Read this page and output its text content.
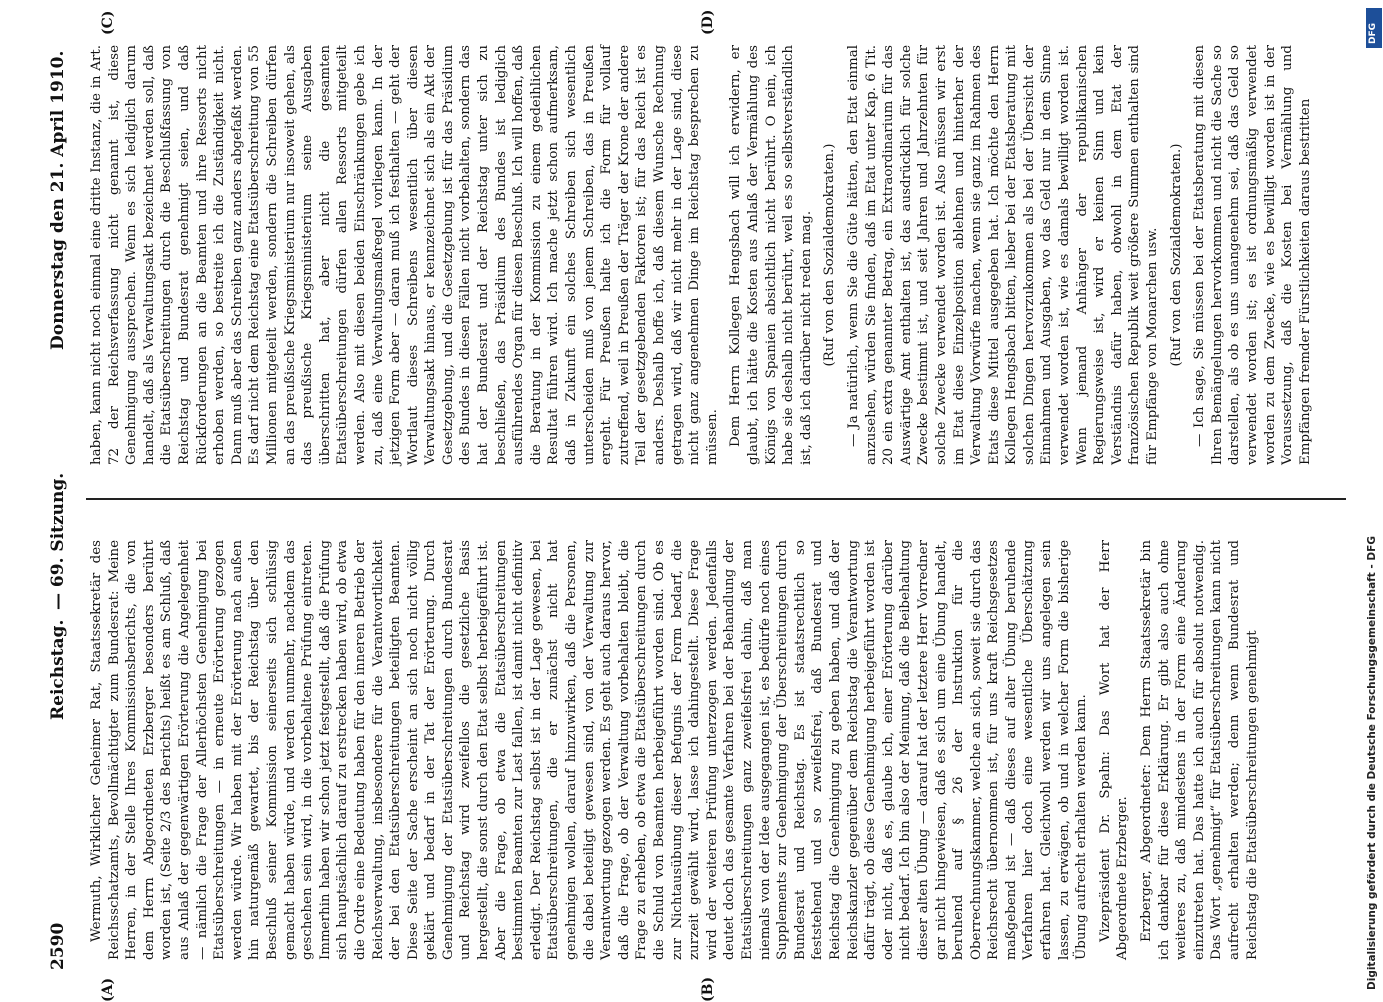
2590
Reichstag.
— 69. Sitzung.
Donnerstag den 21. April 1910.
(A)	(B)
(C)	(D)

Wermuth, Wirklicher Geheimer Rat, Staatssekretär des Reichsschatzamts, Bevollmächtigter zum Bundesrat: Meine Herren, in der Stelle Ihres Kommissionsberichts, die von dem Herrn Abgeordneten Erzberger besonders berührt worden ist, (Seite 2/3 des Berichts) heißt es am Schluß, daß aus Anlaß der gegenwärtigen Erörterung die Angelegenheit — nämlich die Frage der Allerhöchsten Genehmigung bei Etatsüberschreitungen — in erneute Erörterung gezogen werden würde. Wir haben mit der Erörterung nach außen hin naturgemäß gewartet, bis der Reichstag über den Beschluß seiner Kommission seinerseits sich schlüssig gemacht haben würde, und werden nunmehr, nachdem das geschehen sein wird, in die vorbehaltene Prüfung eintreten. Immerhin haben wir schon jetzt festgestellt, daß die Prüfung sich hauptsächlich darauf zu erstrecken haben wird, ob etwa die Ordre eine Bedeutung haben für den inneren Betrieb der Reichsverwaltung, insbesondere für die Verantwortlichkeit der bei den Etatsüberschreitungen beteiligten Beamten. Diese Seite der Sache erscheint an sich noch nicht völlig geklärt und bedarf in der Tat der Erörterung. Durch Genehmigung der Etatsüberschreitungen durch Bundesrat und Reichstag wird zweifellos die gesetzliche Basis hergestellt, die sonst durch den Etat selbst herbeigeführt ist. Aber die Frage, ob etwa die Etatsüberschreitungen bestimmten Beamten zur Last fallen, ist damit nicht definitiv erledigt. Der Reichstag selbst ist in der Lage gewesen, bei Etatsüberschreitungen, die er zunächst nicht hat genehmigen wollen, darauf hinzuwirken, daß die Personen, die dabei beteiligt gewesen sind, von der Verwaltung zur Verantwortung gezogen werden. Es geht auch daraus hervor, daß die Frage, ob der Verwaltung vorbehalten bleibt, die Frage zu erheben, ob etwa die Etatsüberschreitungen durch die Schuld von Beamten herbeigeführt worden sind. Ob es zur Nichtausübung dieser Befugnis der Form bedarf, die zurzeit gewählt wird, lasse ich dahingestellt. Diese Frage wird der weiteren Prüfung unterzogen werden. Jedenfalls deutet doch das gesamte Verfahren bei der Behandlung der Etatsüberschreitungen ganz zweifelsfrei dahin, daß man niemals von der Idee ausgegangen ist, es bedürfe noch eines Supplements zur Genehmigung der Überschreitungen durch Bundesrat und Reichstag. Es ist staatsrechtlich so feststehend und so zweifelsfrei, daß Bundesrat und Reichstag die Genehmigung zu geben haben, und daß der Reichskanzler gegenüber dem Reichstag die Verantwortung dafür trägt, ob diese Genehmigung herbeigeführt worden ist oder nicht, daß es, glaube ich, einer Erörterung darüber nicht bedarf. Ich bin also der Meinung, daß die Beibehaltung dieser alten Übung — darauf hat der letztere Herr Vorredner gar nicht hingewiesen, daß es sich um eine Übung handelt, beruhend auf § 26 der Instruktion für die Oberrechnungskammer, welche an sich, soweit sie durch das Reichsrecht übernommen ist, für uns kraft Reichsgesetzes maßgebend ist — daß dieses auf alter Übung beruhende Verfahren hier doch eine wesentliche Überschätzung erfahren hat. Gleichwohl werden wir uns angelegen sein lassen, zu erwägen, ob und in welcher Form die bisherige Übung aufrecht erhalten werden kann. Vizepräsident Dr. Spahn: Das Wort hat der Herr Abgeordnete Erzberger. Erzberger, Abgeordneter: Dem Herrn Staatssekretär bin ich dankbar für diese Erklärung. Er gibt also auch ohne weiteres zu, daß mindestens in der Form eine Änderung einzutreten hat. Das hatte ich auch für absolut notwendig. Das Wort „genehmigt“ für Etatsüberschreitungen kann nicht aufrecht erhalten werden; denn wenn Bundesrat und Reichstag die Etatsüberschreitungen genehmigt

haben, kann nicht noch einmal eine dritte Instanz, die in Art. 72 der Reichsverfassung nicht genannt ist, diese Genehmigung aussprechen. Wenn es sich lediglich darum handelt, daß als Verwaltungsakt bezeichnet werden soll, daß die Etatsüberschreitungen durch die Beschlußfassung von Reichstag und Bundesrat genehmigt seien, und daß Rückforderungen an die Beamten und ihre Ressorts nicht erhoben werden, so bestreite ich die Zuständigkeit nicht. Dann muß aber das Schreiben ganz anders abgefaßt werden. Es darf nicht dem Reichstag eine Etatsüberschreitung von 55 Millionen mitgeteilt werden, sondern die Schreiben dürfen an das preußische Kriegsministerium nur insoweit gehen, als das preußische Kriegsministerium seine Ausgaben überschritten hat, aber nicht die gesamten Etatsüberschreitungen dürfen allen Ressorts mitgeteilt werden. Also mit diesen beiden Einschränkungen gebe ich zu, daß eine Verwaltungsmaßregel vorliegen kann. In der jetzigen Form aber — daran muß ich festhalten — geht der Wortlaut dieses Schreibens wesentlich über diesen Verwaltungsakt hinaus, er kennzeichnet sich als ein Akt der Gesetzgebung, und die Gesetzgebung ist für das Präsidium des Bundes in diesen Fällen nicht vorbehalten, sondern das hat der Bundesrat und der Reichstag unter sich zu beschließen, das Präsidium des Bundes ist lediglich ausführendes Organ für diesen Beschluß. Ich will hoffen, daß die Beratung in der Kommission zu einem gedeihlichen Resultat führen wird. Ich mache jetzt schon aufmerksam, daß in Zukunft ein solches Schreiben sich wesentlich unterscheiden muß von jenem Schreiben, das in Preußen ergeht. Für Preußen halte ich die Form für vollauf zutreffend, weil in Preußen der Träger der Krone der andere Teil der gesetzgebenden Faktoren ist; für das Reich ist es anders. Deshalb hoffe ich, daß diesem Wunsche Rechnung getragen wird, daß wir nicht mehr in der Lage sind, diese nicht ganz angenehmen Dinge im Reichstag besprechen zu müssen. Dem Herrn Kollegen Hengsbach will ich erwidern, er glaubt, ich hätte die Kosten aus Anlaß der Vermählung des Königs von Spanien absichtlich nicht berührt. O nein, ich habe sie deshalb nicht berührt, weil es so selbstverständlich ist, daß ich darüber nicht reden mag. (Ruf von den Sozialdemokraten.) — Ja natürlich, wenn Sie die Güte hätten, den Etat einmal anzusehen, würden Sie finden, daß im Etat unter Kap. 6 Tit. 20 ein extra genannter Betrag, ein Extraordinarium für das Auswärtige Amt enthalten ist, das ausdrücklich für solche Zwecke bestimmt ist, und seit Jahren und Jahrzehnten für solche Zwecke verwendet worden ist. Also müssen wir erst im Etat diese Einzelposition ablehnen und hinterher der Verwaltung Vorwürfe machen, wenn sie ganz im Rahmen des Etats diese Mittel ausgegeben hat. Ich möchte den Herrn Kollegen Hengsbach bitten, lieber bei der Etatsberatung mit solchen Dingen hervorzukommen als bei der Übersicht der Einnahmen und Ausgaben, wo das Geld nur in dem Sinne verwendet worden ist, wie es damals bewilligt worden ist. Wenn jemand Anhänger der republikanischen Regierungsweise ist, wird er keinen Sinn und kein Verständnis dafür haben, obwohl in dem Etat der französischen Republik weit größere Summen enthalten sind für Empfänge von Monarchen usw. (Ruf von den Sozialdemokraten.) — Ich sage, Sie müssen bei der Etatsberatung mit diesen Ihren Bemängelungen hervorkommen und nicht die Sache so darstellen, als ob es uns unangenehm sei, daß das Geld so verwendet worden ist; es ist ordnungsmäßig verwendet worden zu dem Zwecke, wie es bewilligt worden ist in der Voraussetzung, daß die Kosten bei Vermählung und Empfängen fremder Fürstlichkeiten daraus bestritten

DFG
Digitalisierung gefördert durch die Deutsche Forschungsgemeinschaft - DFG
